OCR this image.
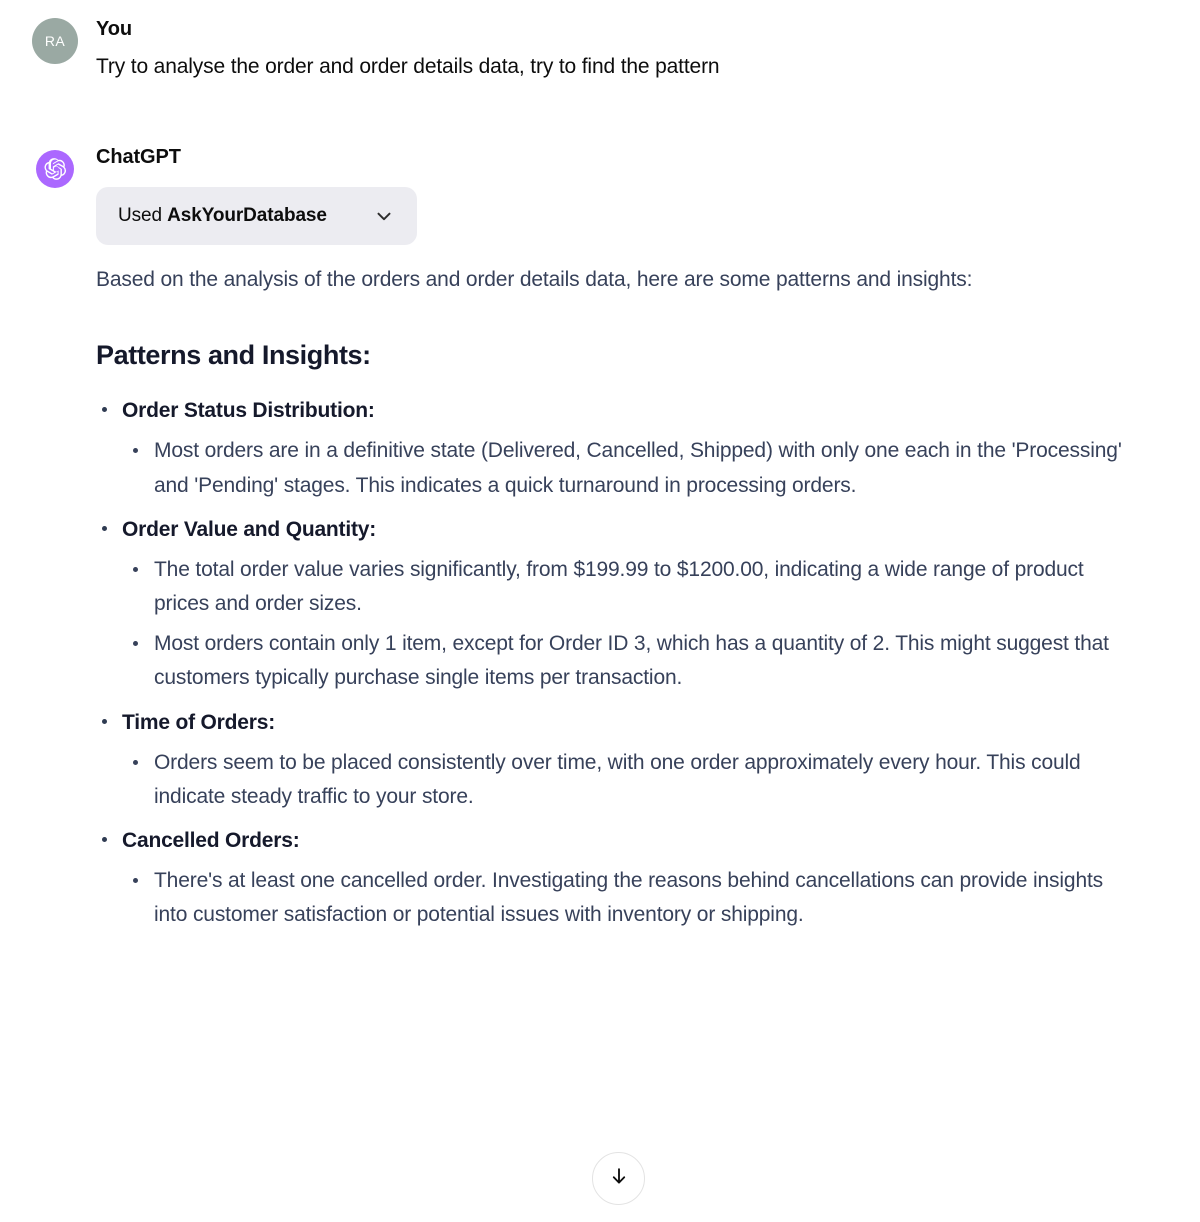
RA
You
Try to analyse the order and order details data, try to find the pattern
ChatGPT
Used AskYourDatabase

Based on the analysis of the orders and order details data, here are some patterns and insights:

Patterns and Insights:
Order Status Distribution:
Most orders are in a definitive state (Delivered, Cancelled, Shipped) with only one each in the 'Processing' and 'Pending' stages. This indicates a quick turnaround in processing orders.
Order Value and Quantity:
The total order value varies significantly, from $199.99 to $1200.00, indicating a wide range of product prices and order sizes.
Most orders contain only 1 item, except for Order ID 3, which has a quantity of 2. This might suggest that customers typically purchase single items per transaction.
Time of Orders:
Orders seem to be placed consistently over time, with one order approximately every hour. This could indicate steady traffic to your store.
Cancelled Orders:
There's at least one cancelled order. Investigating the reasons behind cancellations can provide insights into customer satisfaction or potential issues with inventory or shipping.
